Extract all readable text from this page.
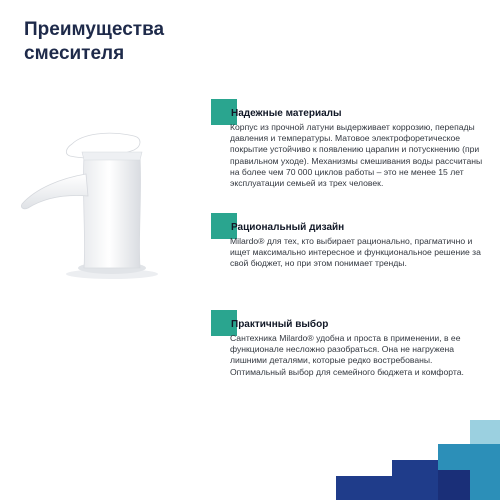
Преимущества
смесителя
Надежные материалы

Корпус из прочной латуни выдерживает коррозию, перепады давления и температуры. Матовое электрофоретическое покрытие устойчиво к появлению царапин и потускнению (при правильном уходе). Механизмы смешивания воды рассчитаны на более чем 70 000 циклов работы – это не менее 15 лет эксплуатации семьей из трех человек.

Рациональный дизайн

Milardo® для тех, кто выбирает рационально, прагматично и ищет максимально интересное и функциональное решение за свой бюджет, но при этом понимает тренды.

Практичный выбор

Сантехника Milardo® удобна и проста в применении, в ее функционале несложно разобраться. Она не нагружена лишними деталями, которые редко востребованы. Оптимальный выбор для семейного бюджета и комфорта.
